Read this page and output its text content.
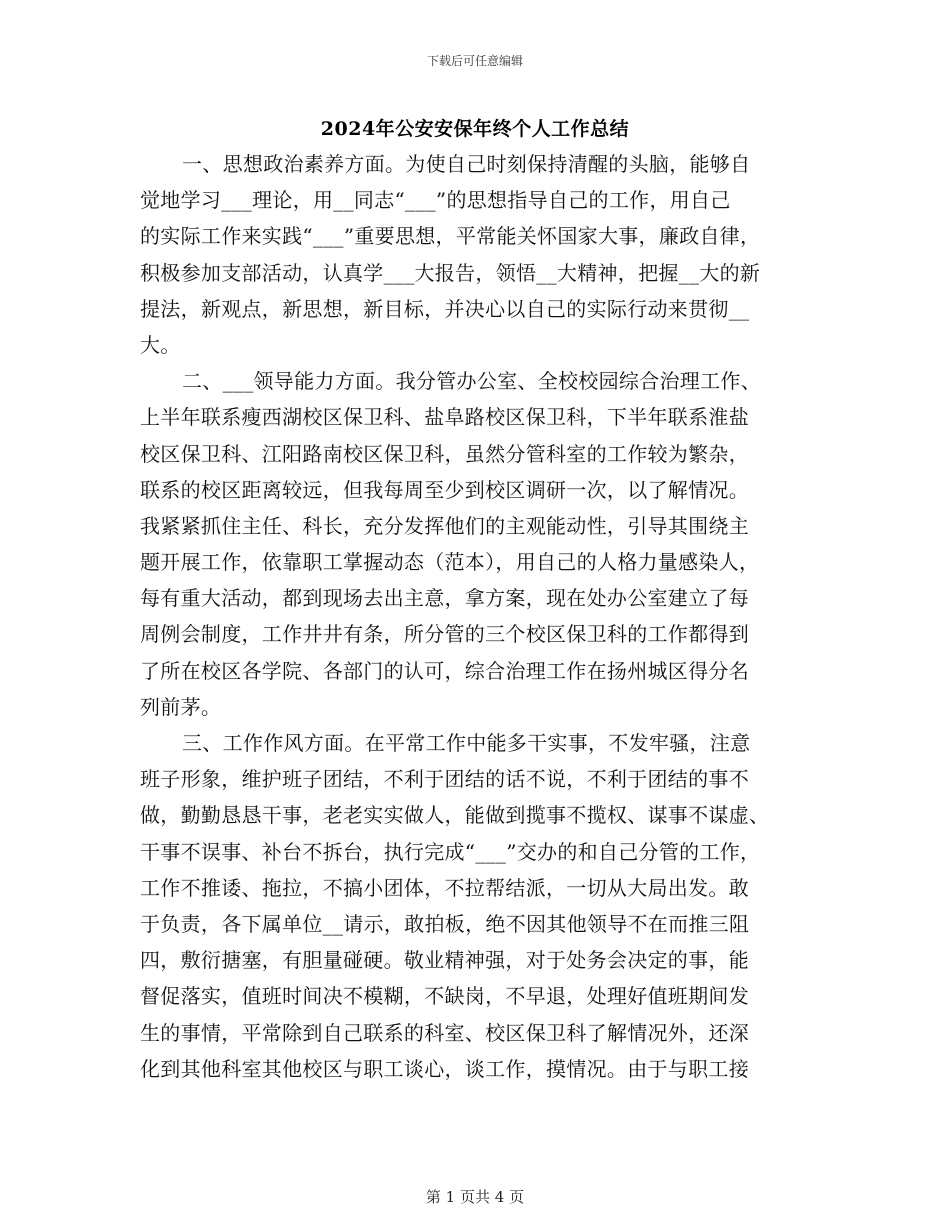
下载后可任意编辑
2024年公安安保年终个人工作总结
一、思想政治素养方面。为使自己时刻保持清醒的头脑，能够自
觉地学习___理论，用__同志“___”的思想指导自己的工作，用自己
的实际工作来实践“___”重要思想，平常能关怀国家大事，廉政自律，
积极参加支部活动，认真学___大报告，领悟__大精神，把握__大的新
提法，新观点，新思想，新目标，并决心以自己的实际行动来贯彻__
大。
二、___领导能力方面。我分管办公室、全校校园综合治理工作、
上半年联系瘦西湖校区保卫科、盐阜路校区保卫科，下半年联系淮盐
校区保卫科、江阳路南校区保卫科，虽然分管科室的工作较为繁杂，
联系的校区距离较远，但我每周至少到校区调研一次，以了解情况。
我紧紧抓住主任、科长，充分发挥他们的主观能动性，引导其围绕主
题开展工作，依靠职工掌握动态（范本），用自己的人格力量感染人，
每有重大活动，都到现场去出主意，拿方案，现在处办公室建立了每
周例会制度，工作井井有条，所分管的三个校区保卫科的工作都得到
了所在校区各学院、各部门的认可，综合治理工作在扬州城区得分名
列前茅。
三、工作作风方面。在平常工作中能多干实事，不发牢骚，注意
班子形象，维护班子团结，不利于团结的话不说，不利于团结的事不
做，勤勤恳恳干事，老老实实做人，能做到揽事不揽权、谋事不谋虚、
干事不误事、补台不拆台，执行完成“___”交办的和自己分管的工作，
工作不推诿、拖拉，不搞小团体，不拉帮结派，一切从大局出发。敢
于负责，各下属单位__请示，敢拍板，绝不因其他领导不在而推三阻
四，敷衍搪塞，有胆量碰硬。敬业精神强，对于处务会决定的事，能
督促落实，值班时间决不模糊，不缺岗，不早退，处理好值班期间发
生的事情，平常除到自己联系的科室、校区保卫科了解情况外，还深
化到其他科室其他校区与职工谈心，谈工作，摸情况。由于与职工接
第 1 页共 4 页
